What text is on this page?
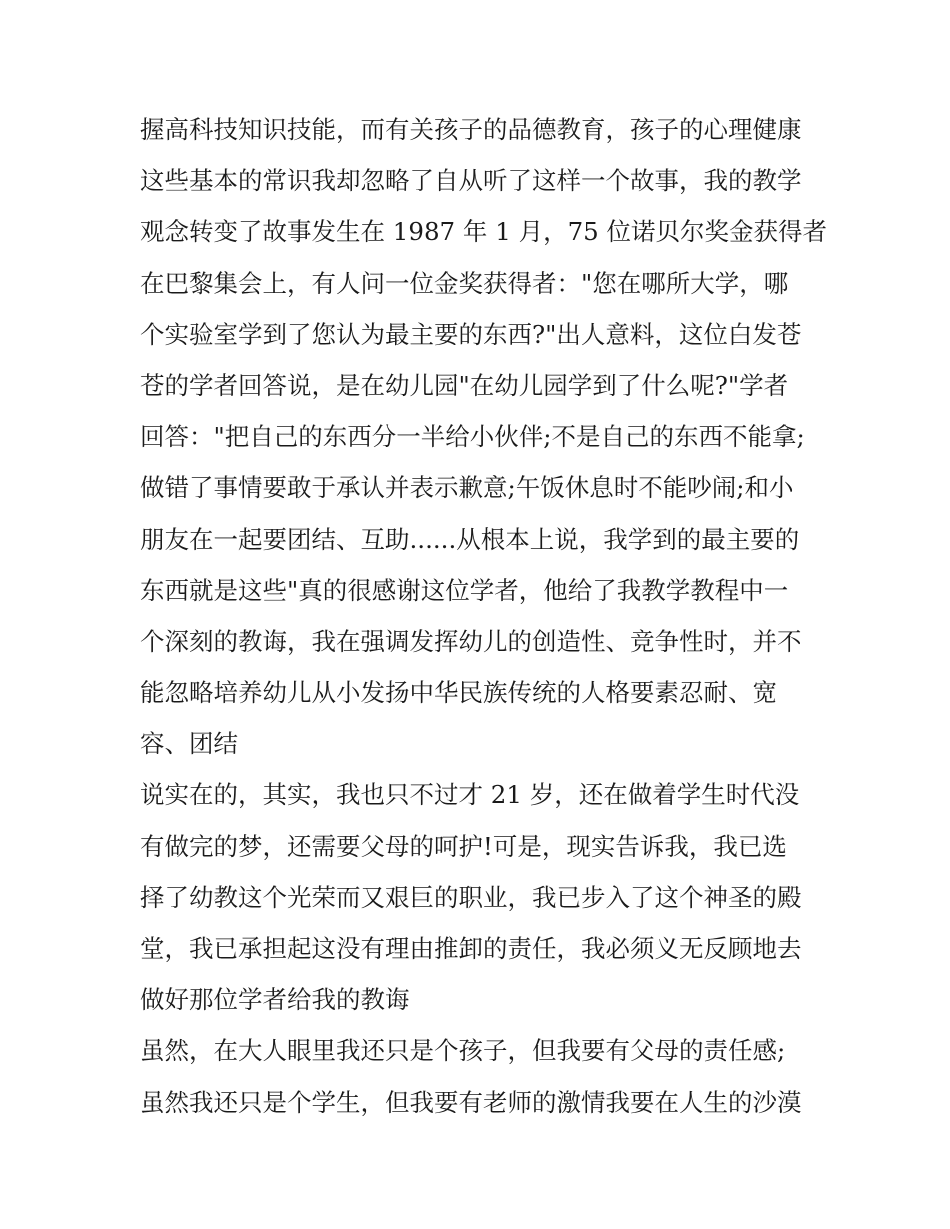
握高科技知识技能，而有关孩子的品德教育，孩子的心理健康
这些基本的常识我却忽略了自从听了这样一个故事，我的教学
观念转变了故事发生在 1987 年 1 月，75 位诺贝尔奖金获得者
在巴黎集会上，有人问一位金奖获得者："您在哪所大学，哪
个实验室学到了您认为最主要的东西?"出人意料，这位白发苍
苍的学者回答说，是在幼儿园"在幼儿园学到了什么呢?"学者
回答："把自己的东西分一半给小伙伴;不是自己的东西不能拿;
做错了事情要敢于承认并表示歉意;午饭休息时不能吵闹;和小
朋友在一起要团结、互助......从根本上说，我学到的最主要的
东西就是这些"真的很感谢这位学者，他给了我教学教程中一
个深刻的教诲，我在强调发挥幼儿的创造性、竞争性时，并不
能忽略培养幼儿从小发扬中华民族传统的人格要素忍耐、宽
容、团结
说实在的，其实，我也只不过才 21 岁，还在做着学生时代没
有做完的梦，还需要父母的呵护!可是，现实告诉我，我已选
择了幼教这个光荣而又艰巨的职业，我已步入了这个神圣的殿
堂，我已承担起这没有理由推卸的责任，我必须义无反顾地去
做好那位学者给我的教诲
虽然，在大人眼里我还只是个孩子，但我要有父母的责任感;
虽然我还只是个学生，但我要有老师的激情我要在人生的沙漠
